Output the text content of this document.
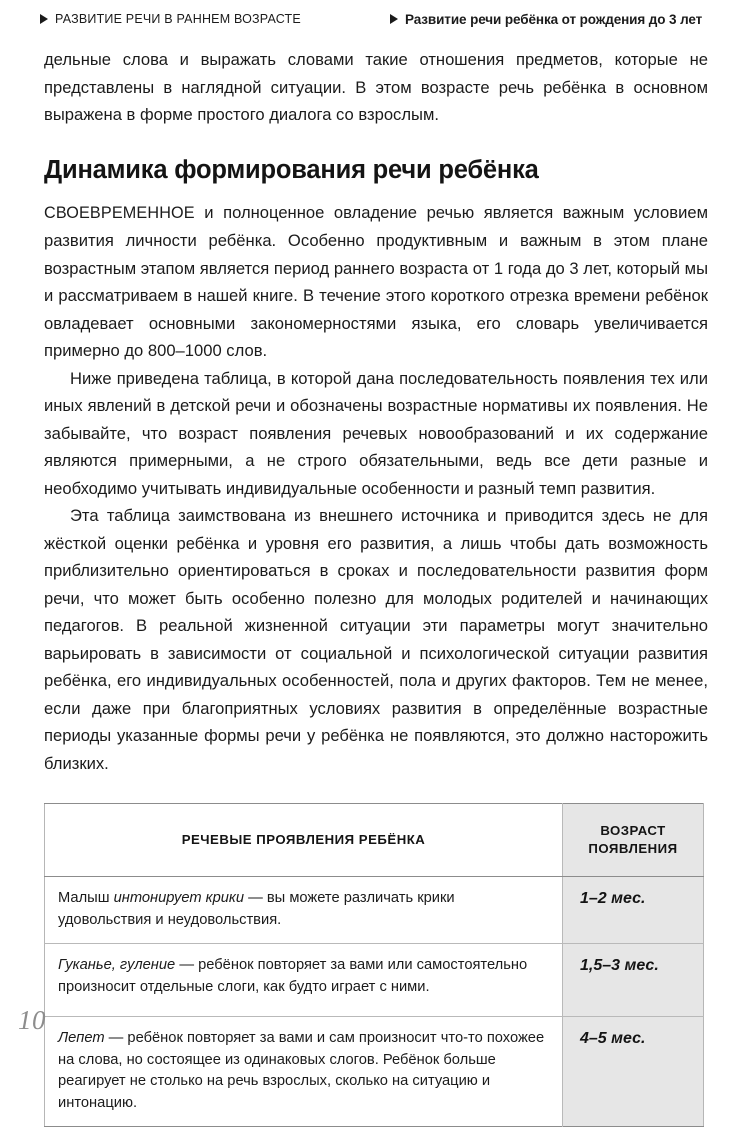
РАЗВИТИЕ РЕЧИ В РАННЕМ ВОЗРАСТЕ	Развитие речи ребёнка от рождения до 3 лет

дельные слова и выражать словами такие отношения предметов, которые не представлены в наглядной ситуации. В этом возрасте речь ребёнка в основном выражена в форме простого диалога со взрослым.

Динамика формирования речи ребёнка

СВОЕВРЕМЕННОЕ и полноценное овладение речью является важным условием развития личности ребёнка. Особенно продуктивным и важным в этом плане возрастным этапом является период раннего возраста от 1 года до 3 лет, который мы и рассматриваем в нашей книге. В течение этого короткого отрезка времени ребёнок овладевает основными закономерностями языка, его словарь увеличивается примерно до 800–1000 слов.

Ниже приведена таблица, в которой дана последовательность появления тех или иных явлений в детской речи и обозначены возрастные нормативы их появления. Не забывайте, что возраст появления речевых новообразований и их содержание являются примерными, а не строго обязательными, ведь все дети разные и необходимо учитывать индивидуальные особенности и разный темп развития.

Эта таблица заимствована из внешнего источника и приводится здесь не для жёсткой оценки ребёнка и уровня его развития, а лишь чтобы дать возможность приблизительно ориентироваться в сроках и последовательности развития форм речи, что может быть особенно полезно для молодых родителей и начинающих педагогов. В реальной жизненной ситуации эти параметры могут значительно варьировать в зависимости от социальной и психологической ситуации развития ребёнка, его индивидуальных особенностей, пола и других факторов. Тем не менее, если даже при благоприятных условиях развития в определённые возрастные периоды указанные формы речи у ребёнка не появляются, это должно насторожить близких.

РЕЧЕВЫЕ ПРОЯВЛЕНИЯ РЕБЁНКА	ВОЗРАСТ
ПОЯВЛЕНИЯ
Малыш интонирует крики — вы можете различать крики удовольствия и неудовольствия.	1–2 мес.
Гуканье, гуление — ребёнок повторяет за вами или самостоятельно произносит отдельные слоги, как будто играет с ними.	1,5–3 мес.
Лепет — ребёнок повторяет за вами и сам произносит что-то похожее на слова, но состоящее из одинаковых слогов. Ребёнок больше реагирует не столько на речь взрослых, сколько на ситуацию и интонацию.	4–5 мес.
10
